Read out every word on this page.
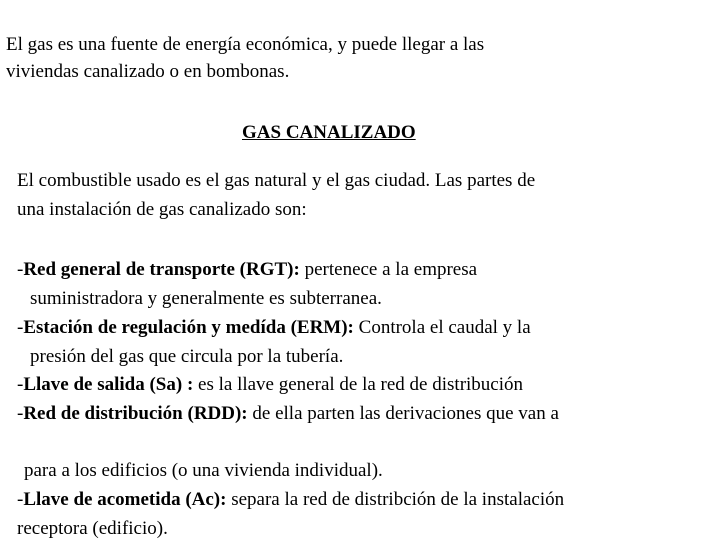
El gas es una fuente de energía económica, y puede llegar a las
viviendas canalizado o en bombonas.
GAS CANALIZADO
El combustible usado es el gas natural y el gas ciudad. Las partes de
una instalación de gas canalizado son:
-Red general de transporte (RGT): pertenece a la empresa
suministradora y generalmente es subterranea.
-Estación de regulación y medída (ERM): Controla el caudal y la
presión del gas que circula por la tubería.
-Llave de salida (Sa) : es la llave general de la red de distribución
-Red de distribución (RDD): de ella parten las derivaciones que van a
para a los edificios (o una vivienda individual).
-Llave de acometida (Ac): separa la red de distribción de la instalación
receptora (edificio).
